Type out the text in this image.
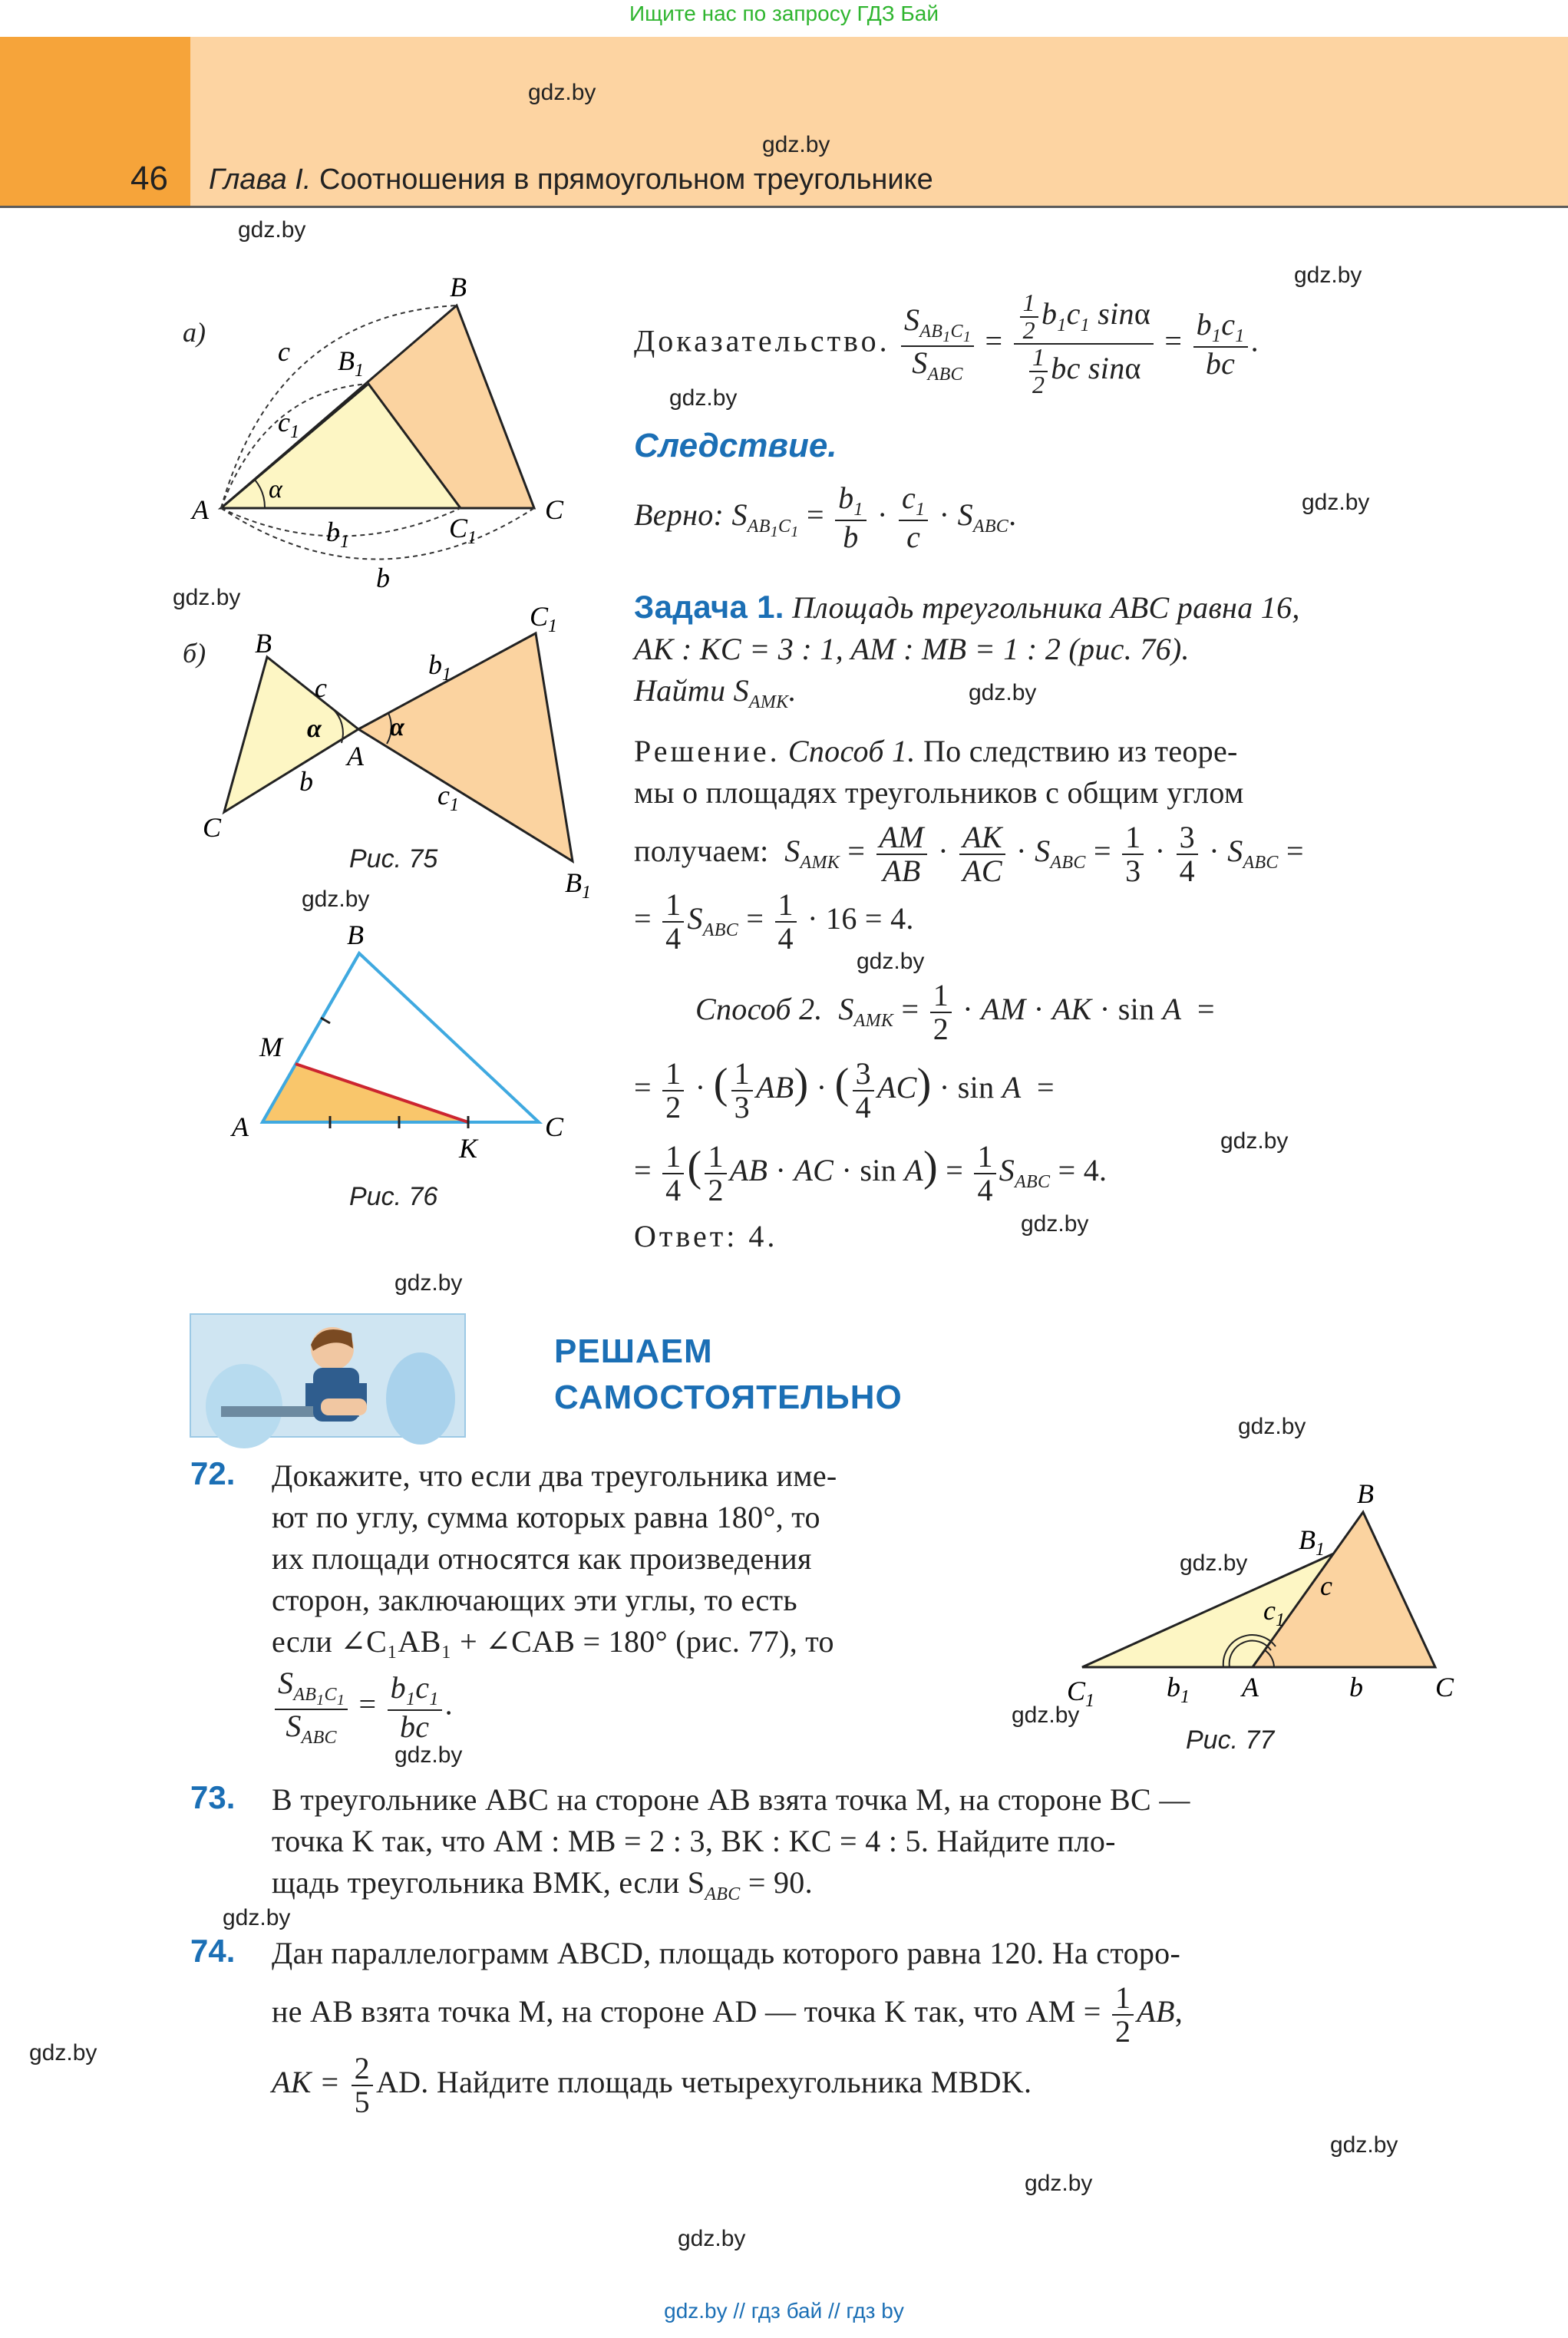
Ищите нас по запросу ГДЗ Бай
46 Глава I. Соотношения в прямоугольном треугольнике
gdz.by
gdz.by
gdz.by
gdz.by
gdz.by
gdz.by
gdz.by
gdz.by
gdz.by
gdz.by
gdz.by
gdz.by
gdz.by
gdz.by
gdz.by
gdz.by
gdz.by
gdz.by
gdz.by
gdz.by
gdz.by
gdz.by
а)
B
$B_1$
c
$c_1$
A
α
C
$C_1$
$b_1$
b
б) B
c
α	α
A
b
C
$b_1$
$C_1$
$c_1$
$B_1$
Рис. 75
B
M
A	C
K
Рис. 76
Доказательство. $\frac{S_{AB_1C_1}}{S_{ABC}} = \frac{\frac{1}{2} b_1c_1 \sin\alpha}{\frac{1}{2} bc \sin\alpha} = \frac{b_1c_1}{bc}$ .
Следствие.
Верно: $S_{AB_1C_1} = \frac{b_1}{b} \cdot \frac{c_1}{c} \cdot S_{ABC}$.
Задача 1. Площадь треугольника ABC равна 16,
AK : KC = 3 : 1, AM : MB = 1 : 2 (рис. 76).
Найти $S_{AMK}$.
Решение. Способ 1. По следствию из теоре-
мы о площадях треугольников с общим углом
получаем: $S_{AMK} = \frac{AM}{AB} \cdot \frac{AK}{AC} \cdot S_{ABC} = \frac{1}{3} \cdot \frac{3}{4} \cdot S_{ABC}$ =
= $\frac{1}{4} S_{ABC} = \frac{1}{4} \cdot 16 = 4$.
Способ 2. $S_{AMK} = \frac{1}{2}$ · AM · AK · sin A  =
= $\frac{1}{2}$ · ( $\frac{1}{3} AB$) · ( $\frac{3}{4} AC) \cdot \sin A$  =
= $\frac{1}{4}$ ( $\frac{1}{2}$ AB · AC · $\sin A) = \frac{1}{4} S_{ABC} = 4$.
Ответ: 4.
РЕШАЕМ
САМОСТОЯТЕЛЬНО
72. Докажите, что если два треугольника име-
ют по углу, сумма которых равна 180°, то
их площади относятся как произведения
сторон, заключающих эти углы, то есть
если ∠C₁AB₁ + ∠CAB = 180° (рис. 77), то
$\frac{S_{AB_1C_1}}{S_{ABC}} = \frac{b_1c_1}{bc}$ .
B
$B_1$
c
$c_1$
$C_1$	$b_1$ A	b	C
Рис. 77
73. В треугольнике ABC на стороне AB взята точка M, на стороне BC —
точка K так, что AM : MB = 2 : 3, BK : KC = 4 : 5. Найдите пло-
щадь треугольника BMK, если $S_{ABC} = 90$.
74. Дан параллелограмм ABCD, площадь которого равна 120. На сторо-
не AB взята точка M, на стороне AD — точка K так, что AM = $\frac{1}{2}$ AB,
AK = $\frac{2}{5}$ AD. Найдите площадь четырехугольника MBDK.
gdz.by // гдз бай // гдз by
